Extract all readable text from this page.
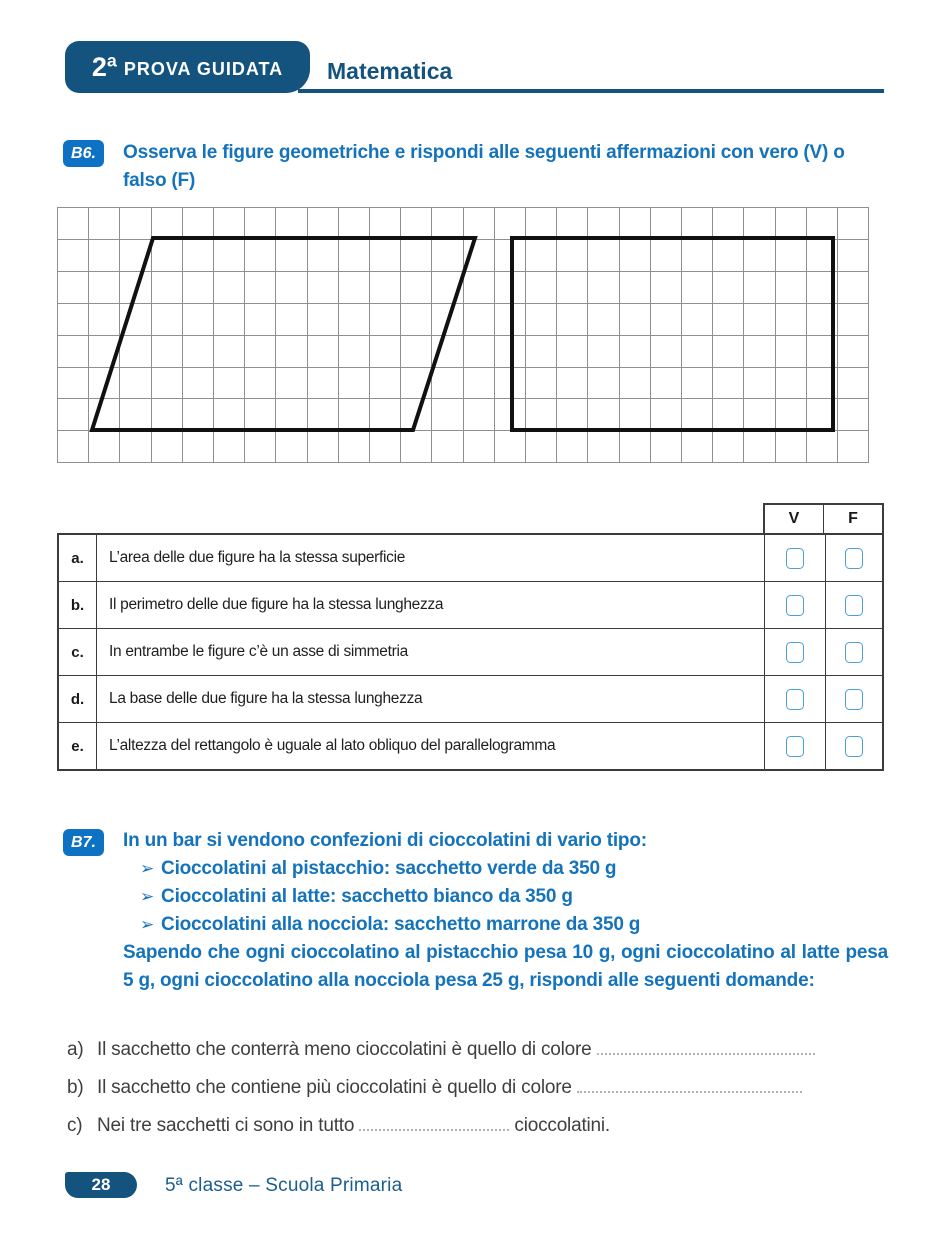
2ª PROVA GUIDATA Matematica
B6.	Osserva le figure geometriche e rispondi alle seguenti affermazioni con vero (V) o falso (F)
V	F
a.	L’area delle due figure ha la stessa superficie
b.	Il perimetro delle due figure ha la stessa lunghezza
c.	In entrambe le figure c’è un asse di simmetria
d.	La base delle due figure ha la stessa lunghezza
e.	L’altezza del rettangolo è uguale al lato obliquo del parallelogramma
B7.	In un bar si vendono confezioni di cioccolatini di vario tipo:
➢ Cioccolatini al pistacchio: sacchetto verde da 350 g
➢ Cioccolatini al latte: sacchetto bianco da 350 g
➢ Cioccolatini alla nocciola: sacchetto marrone da 350 g
Sapendo che ogni cioccolatino al pistacchio pesa 10 g, ogni cioccolatino al latte pesa 5 g, ogni cioccolatino alla nocciola pesa 25 g, rispondi alle seguenti domande:
a) Il sacchetto che conterrà meno cioccolatini è quello di colore
b) Il sacchetto che contiene più cioccolatini è quello di colore
c) Nei tre sacchetti ci sono in tutto	cioccolatini.
28	5ª classe – Scuola Primaria
